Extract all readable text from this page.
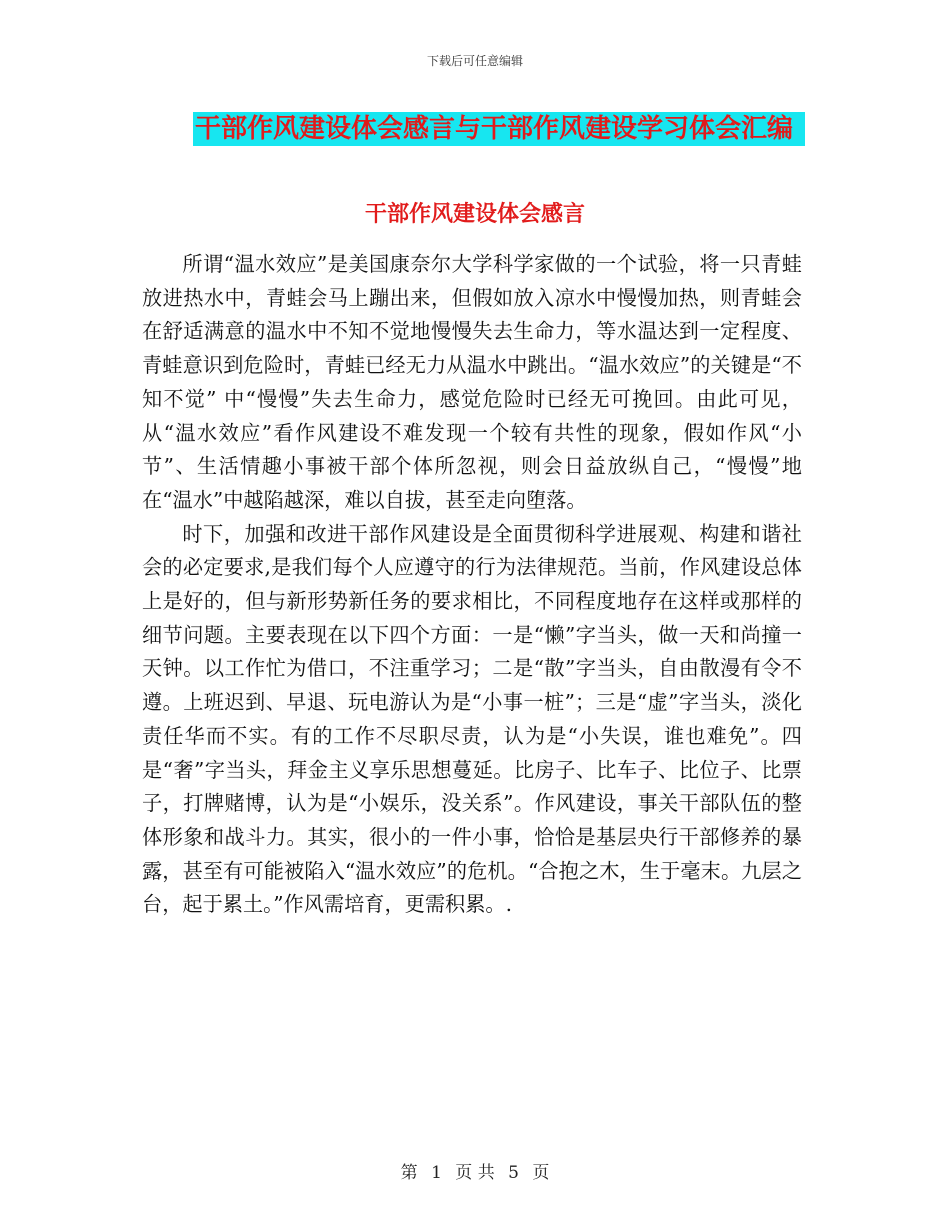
下载后可任意编辑
干部作风建设体会感言与干部作风建设学习体会汇编
干部作风建设体会感言

所谓“温水效应”是美国康奈尔大学科学家做的一个试验，将一只青蛙放进热水中，青蛙会马上蹦出来，但假如放入凉水中慢慢加热，则青蛙会在舒适满意的温水中不知不觉地慢慢失去生命力，等水温达到一定程度、青蛙意识到危险时，青蛙已经无力从温水中跳出。“温水效应”的关键是“不知不觉” 中“慢慢”失去生命力，感觉危险时已经无可挽回。由此可见，从“温水效应”看作风建设不难发现一个较有共性的现象，假如作风“小节”、生活情趣小事被干部个体所忽视，则会日益放纵自己，“慢慢”地在“温水”中越陷越深，难以自拔，甚至走向堕落。

时下，加强和改进干部作风建设是全面贯彻科学进展观、构建和谐社会的必定要求,是我们每个人应遵守的行为法律规范。当前，作风建设总体上是好的，但与新形势新任务的要求相比，不同程度地存在这样或那样的细节问题。主要表现在以下四个方面：一是“懒”字当头，做一天和尚撞一天钟。以工作忙为借口，不注重学习；二是“散”字当头，自由散漫有令不遵。上班迟到、早退、玩电游认为是“小事一桩”；三是“虚”字当头，淡化责任华而不实。有的工作不尽职尽责，认为是“小失误，谁也难免”。四是“奢”字当头，拜金主义享乐思想蔓延。比房子、比车子、比位子、比票子，打牌赌博，认为是“小娱乐，没关系”。作风建设，事关干部队伍的整体形象和战斗力。其实，很小的一件小事，恰恰是基层央行干部修养的暴露，甚至有可能被陷入“温水效应”的危机。“合抱之木，生于毫末。九层之台，起于累土。”作风需培育，更需积累。.

第 1 页 共 5 页
